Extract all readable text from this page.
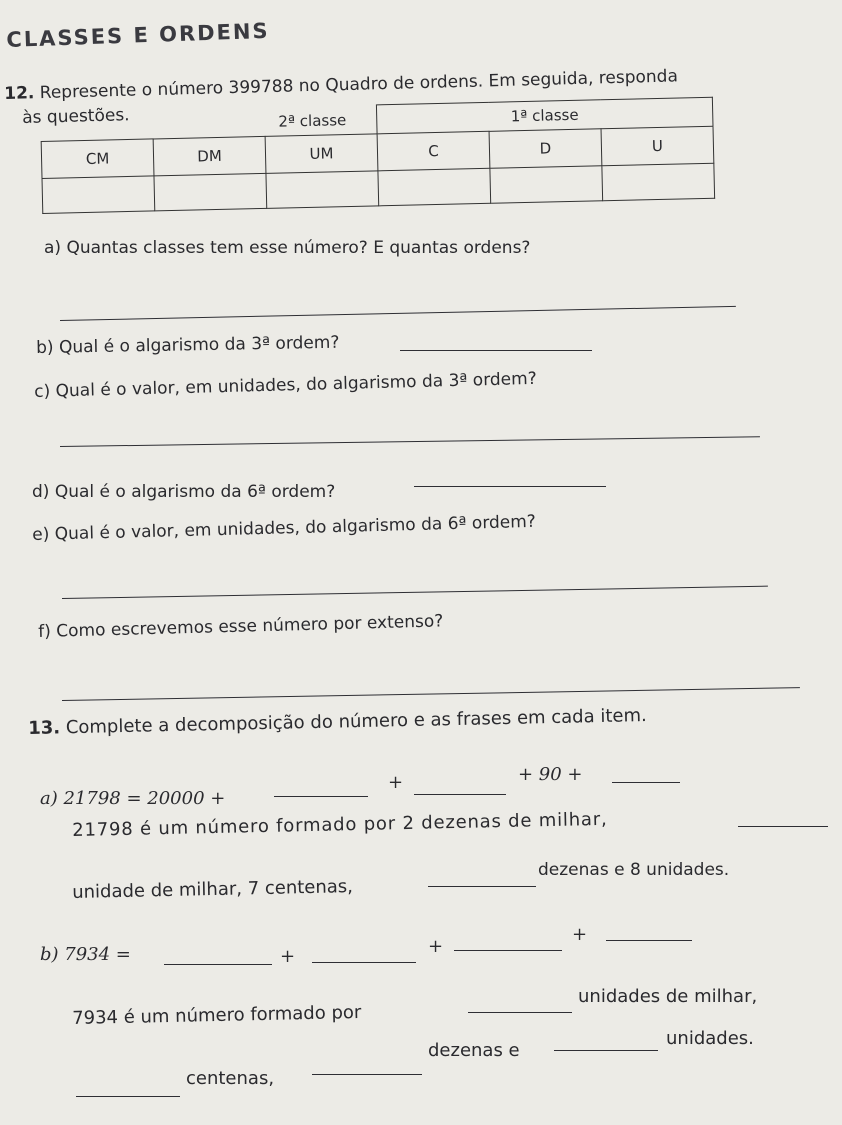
CLASSES E ORDENS
12. Represente o número 399788 no Quadro de ordens. Em seguida, responda
às questões.	2ª classe			1ª classe		
CM	DM	UM	C	D	U

a) Quantas classes tem esse número? E quantas ordens?
b) Qual é o algarismo da 3ª ordem?
c) Qual é o valor, em unidades, do algarismo da 3ª ordem?
d) Qual é o algarismo da 6ª ordem?
e) Qual é o valor, em unidades, do algarismo da 6ª ordem?
f) Como escrevemos esse número por extenso?
13. Complete a decomposição do número e as frases em cada item.
a) 21798 = 20000 +
+	+ 90 +
21798 é um número formado por 2 dezenas de milhar,
unidade de milhar, 7 centenas,
dezenas e 8 unidades.
b) 7934 =	+	+
+
7934 é um número formado por
unidades de milhar,
centenas,
dezenas e
unidades.
